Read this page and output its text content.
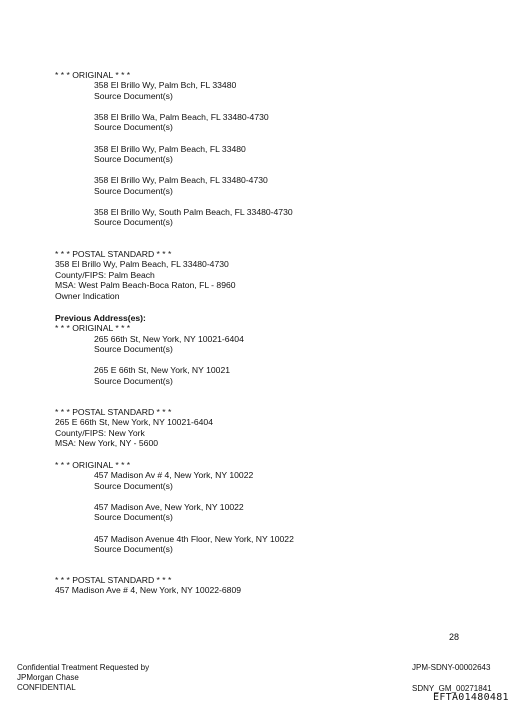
* * * ORIGINAL * * *
358 El Brillo Wy, Palm Bch, FL 33480
Source Document(s)
358 El Brillo Wa, Palm Beach, FL 33480-4730
Source Document(s)
358 El Brillo Wy, Palm Beach, FL 33480
Source Document(s)
358 El Brillo Wy, Palm Beach, FL 33480-4730
Source Document(s)
358 El Brillo Wy, South Palm Beach, FL 33480-4730
Source Document(s)
* * * POSTAL STANDARD * * *
358 El Brillo Wy, Palm Beach, FL 33480-4730
County/FIPS: Palm Beach
MSA: West Palm Beach-Boca Raton, FL - 8960
Owner Indication
Previous Address(es):
* * * ORIGINAL * * *
265 66th St, New York, NY 10021-6404
Source Document(s)
265 E 66th St, New York, NY 10021
Source Document(s)
* * * POSTAL STANDARD * * *
265 E 66th St, New York, NY 10021-6404
County/FIPS: New York
MSA: New York, NY - 5600
* * * ORIGINAL * * *
457 Madison Av # 4, New York, NY 10022
Source Document(s)
457 Madison Ave, New York, NY 10022
Source Document(s)
457 Madison Avenue 4th Floor, New York, NY 10022
Source Document(s)
* * * POSTAL STANDARD * * *
457 Madison Ave # 4, New York, NY 10022-6809
28
Confidential Treatment Requested by
JPMorgan Chase
CONFIDENTIAL
JPM-SDNY-00002643
SDNY_GM_00271841
EFTA01480481
